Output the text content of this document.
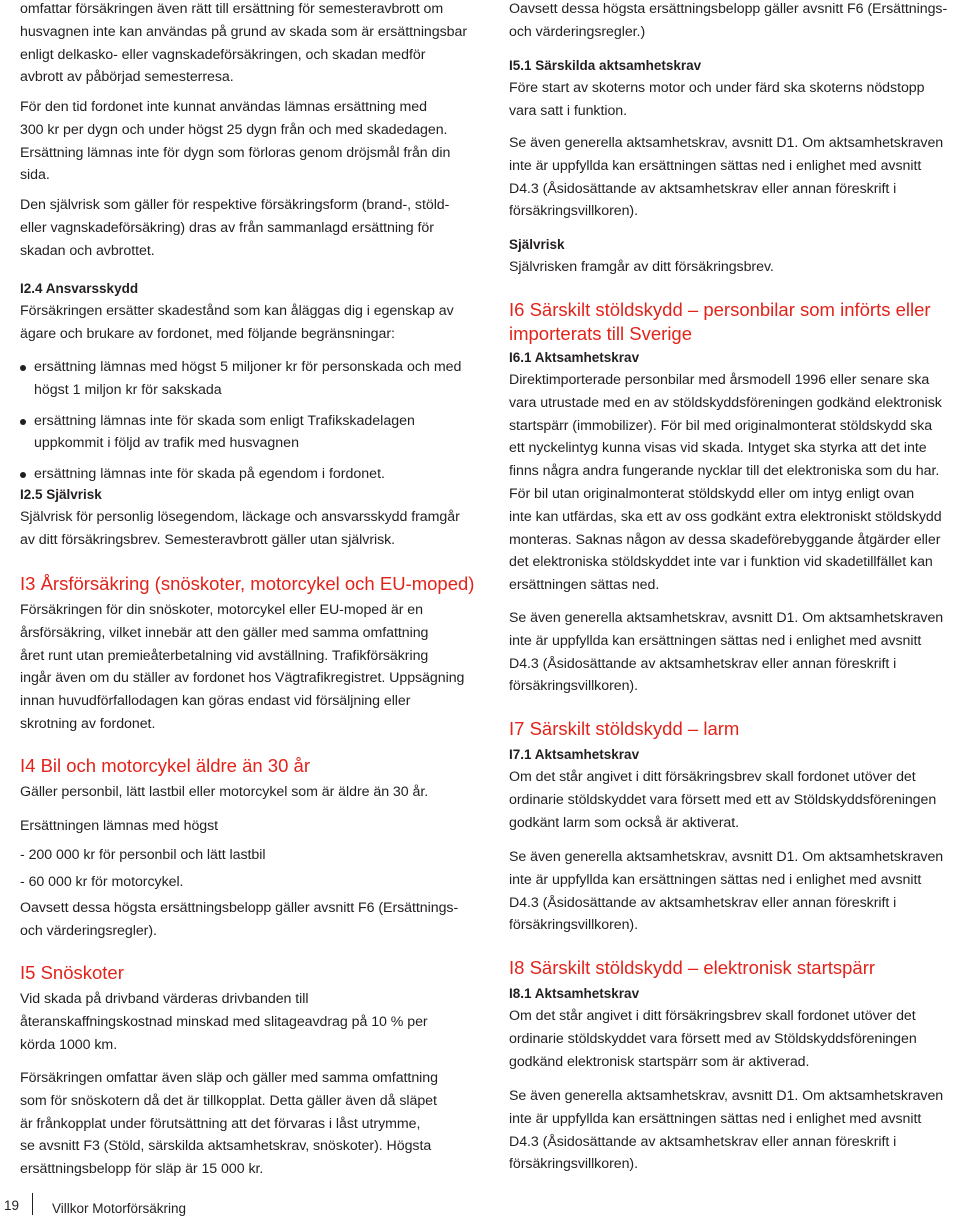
omfattar försäkringen även rätt till ersättning för semesteravbrott om
husvagnen inte kan användas på grund av skada som är ersättningsbar
enligt delkasko- eller vagnskadeförsäkringen, och skadan medför
avbrott av påbörjad semesterresa.

För den tid fordonet inte kunnat användas lämnas ersättning med
300 kr per dygn och under högst 25 dygn från och med skadedagen.
Ersättning lämnas inte för dygn som förloras genom dröjsmål från din
sida.

Den självrisk som gäller för respektive försäkringsform (brand-, stöld-
eller vagnskadeförsäkring) dras av från sammanlagd ersättning för
skadan och avbrottet.

I2.4 Ansvarsskydd

Försäkringen ersätter skadestånd som kan åläggas dig i egenskap av
ägare och brukare av fordonet, med följande begränsningar:

ersättning lämnas med högst 5 miljoner kr för personskada och med
högst 1 miljon kr för sakskada
ersättning lämnas inte för skada som enligt Trafikskadelagen
uppkommit i följd av trafik med husvagnen
ersättning lämnas inte för skada på egendom i fordonet.
I2.5 Självrisk

Självrisk för personlig lösegendom, läckage och ansvarsskydd framgår
av ditt försäkringsbrev. Semesteravbrott gäller utan självrisk.

I3 Årsförsäkring (snöskoter, motorcykel och EU-moped)

Försäkringen för din snöskoter, motorcykel eller EU-moped är en
årsförsäkring, vilket innebär att den gäller med samma omfattning
året runt utan premieåterbetalning vid avställning. Trafikförsäkring
ingår även om du ställer av fordonet hos Vägtrafikregistret. Uppsägning
innan huvudförfallodagen kan göras endast vid försäljning eller
skrotning av fordonet.

I4 Bil och motorcykel äldre än 30 år

Gäller personbil, lätt lastbil eller motorcykel som är äldre än 30 år.

Ersättningen lämnas med högst

- 200 000 kr för personbil och lätt lastbil

- 60 000 kr för motorcykel.

Oavsett dessa högsta ersättningsbelopp gäller avsnitt F6 (Ersättnings-
och värderingsregler).

I5 Snöskoter

Vid skada på drivband värderas drivbanden till
återanskaffningskostnad minskad med slitageavdrag på 10 % per
körda 1000 km.

Försäkringen omfattar även släp och gäller med samma omfattning
som för snöskotern då det är tillkopplat. Detta gäller även då släpet
är frånkopplat under förutsättning att det förvaras i låst utrymme,
se avsnitt F3 (Stöld, särskilda aktsamhetskrav, snöskoter). Högsta
ersättningsbelopp för släp är 15 000 kr.

Oavsett dessa högsta ersättningsbelopp gäller avsnitt F6 (Ersättnings-
och värderingsregler.)

I5.1 Särskilda aktsamhetskrav

Före start av skoterns motor och under färd ska skoterns nödstopp
vara satt i funktion.

Se även generella aktsamhetskrav, avsnitt D1. Om aktsamhetskraven
inte är uppfyllda kan ersättningen sättas ned i enlighet med avsnitt
D4.3 (Åsidosättande av aktsamhetskrav eller annan föreskrift i
försäkringsvillkoren).

Självrisk

Självrisken framgår av ditt försäkringsbrev.

I6 Särskilt stöldskydd – personbilar som införts eller
importerats till Sverige
I6.1 Aktsamhetskrav

Direktimporterade personbilar med årsmodell 1996 eller senare ska
vara utrustade med en av stöldskyddsföreningen godkänd elektronisk
startspärr (immobilizer). För bil med originalmonterat stöldskydd ska
ett nyckelintyg kunna visas vid skada. Intyget ska styrka att det inte
finns några andra fungerande nycklar till det elektroniska som du har.
För bil utan originalmonterat stöldskydd eller om intyg enligt ovan
inte kan utfärdas, ska ett av oss godkänt extra elektroniskt stöldskydd
monteras. Saknas någon av dessa skadeförebyggande åtgärder eller
det elektroniska stöldskyddet inte var i funktion vid skadetillfället kan
ersättningen sättas ned.

Se även generella aktsamhetskrav, avsnitt D1. Om aktsamhetskraven
inte är uppfyllda kan ersättningen sättas ned i enlighet med avsnitt
D4.3 (Åsidosättande av aktsamhetskrav eller annan föreskrift i
försäkringsvillkoren).

I7 Särskilt stöldskydd – larm
I7.1 Aktsamhetskrav

Om det står angivet i ditt försäkringsbrev skall fordonet utöver det
ordinarie stöldskyddet vara försett med ett av Stöldskyddsföreningen
godkänt larm som också är aktiverat.

Se även generella aktsamhetskrav, avsnitt D1. Om aktsamhetskraven
inte är uppfyllda kan ersättningen sättas ned i enlighet med avsnitt
D4.3 (Åsidosättande av aktsamhetskrav eller annan föreskrift i
försäkringsvillkoren).

I8 Särskilt stöldskydd – elektronisk startspärr
I8.1 Aktsamhetskrav

Om det står angivet i ditt försäkringsbrev skall fordonet utöver det
ordinarie stöldskyddet vara försett med av Stöldskyddsföreningen
godkänd elektronisk startspärr som är aktiverad.

Se även generella aktsamhetskrav, avsnitt D1. Om aktsamhetskraven
inte är uppfyllda kan ersättningen sättas ned i enlighet med avsnitt
D4.3 (Åsidosättande av aktsamhetskrav eller annan föreskrift i
försäkringsvillkoren).

19 Villkor Motorförsäkring
